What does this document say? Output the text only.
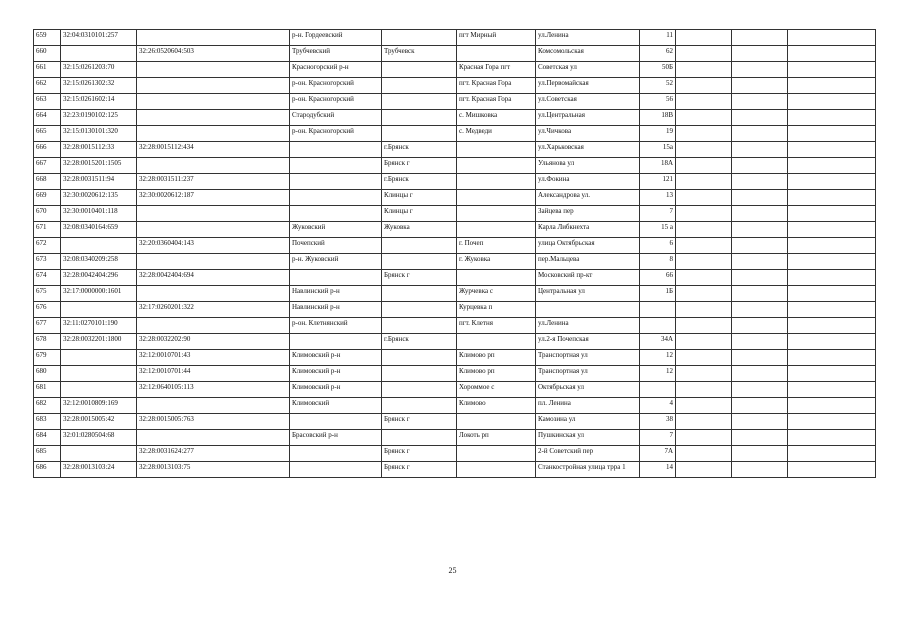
659	32:04:0310101:257		р-н. Гордеевский		пгт Мирный	ул.Ленина	11			
660		32:26:0520604:503	Трубчевский	Трубчевск		Комсомольская	62			
661	32:15:0261203:70		Красногорский р-н		Красная Гора пгт	Советская ул	50Б			
662	32:15:0261302:32		р-он. Красногорский		пгт. Красная Гора	ул.Первомайская	52			
663	32:15:0261602:14		р-он. Красногорский		пгт. Красная Гора	ул.Советская	56			
664	32:23:0190102:125		Стародубский		с. Мишковка	ул.Центральная	18В			
665	32:15:0130101:320		р-он. Красногорский		с. Медведи	ул.Чичкова	19			
666	32:28:0015112:33	32:28:0015112:434		г.Брянск		ул.Харьковская	15а			
667	32:28:0015201:1505			Брянск г		Ульянова ул	18А			
668	32:28:0031511:94	32:28:0031511:237		г.Брянск		ул.Фокина	121			
669	32:30:0020612:135	32:30:0020612:187		Клинцы г		Александрова ул.	13			
670	32:30:0010401:118			Клинцы г		Зайцева пер	7			
671	32:08:0340164:659		Жуковский	Жуковка		Карла Либкнехта	15 а			
672		32:20:0360404:143	Почепский		г. Почеп	улица Октябрьская	6			
673	32:08:0340209:258		р-н. Жуковский		г. Жуковка	пер.Мальцева	8			
674	32:28:0042404:296	32:28:0042404:694		Брянск г		Московский пр-кт	66			
675	32:17:0000000:1601		Навлинский р-н		Журчевка с	Центральная ул	1Б			
676		32:17:0260201:322	Навлинский р-н		Курцевка п					
677	32:11:0270101:190		р-он. Клетнянский		пгт. Клетня	ул.Ленина				
678	32:28:0032201:1800	32:28:0032202:90		г.Брянск		ул.2-я Почепская	34А			
679		32:12:0010701:43	Климовский р-н		Климово рп	Транспортная ул	12			
680		32:12:0010701:44	Климовский р-н		Климово рп	Транспортная ул	12			
681		32:12:0640105:113	Климовский р-н		Хороммое с	Октябрьская ул				
682	32:12:0010809:169		Климовский		Климово	пл. Ленина	4			
683	32:28:0015005:42	32:28:0015005:763		Брянск г		Камозина ул	38			
684	32:01:0280504:68		Брасовский р-н		Локоть рп	Пушкинская ул	7			
685		32:28:0031624:277		Брянск г		2-й Советский пер	7А			
686	32:28:0013103:24	32:28:0013103:75		Брянск г		Станкостройная улица трра 1	14			
25
